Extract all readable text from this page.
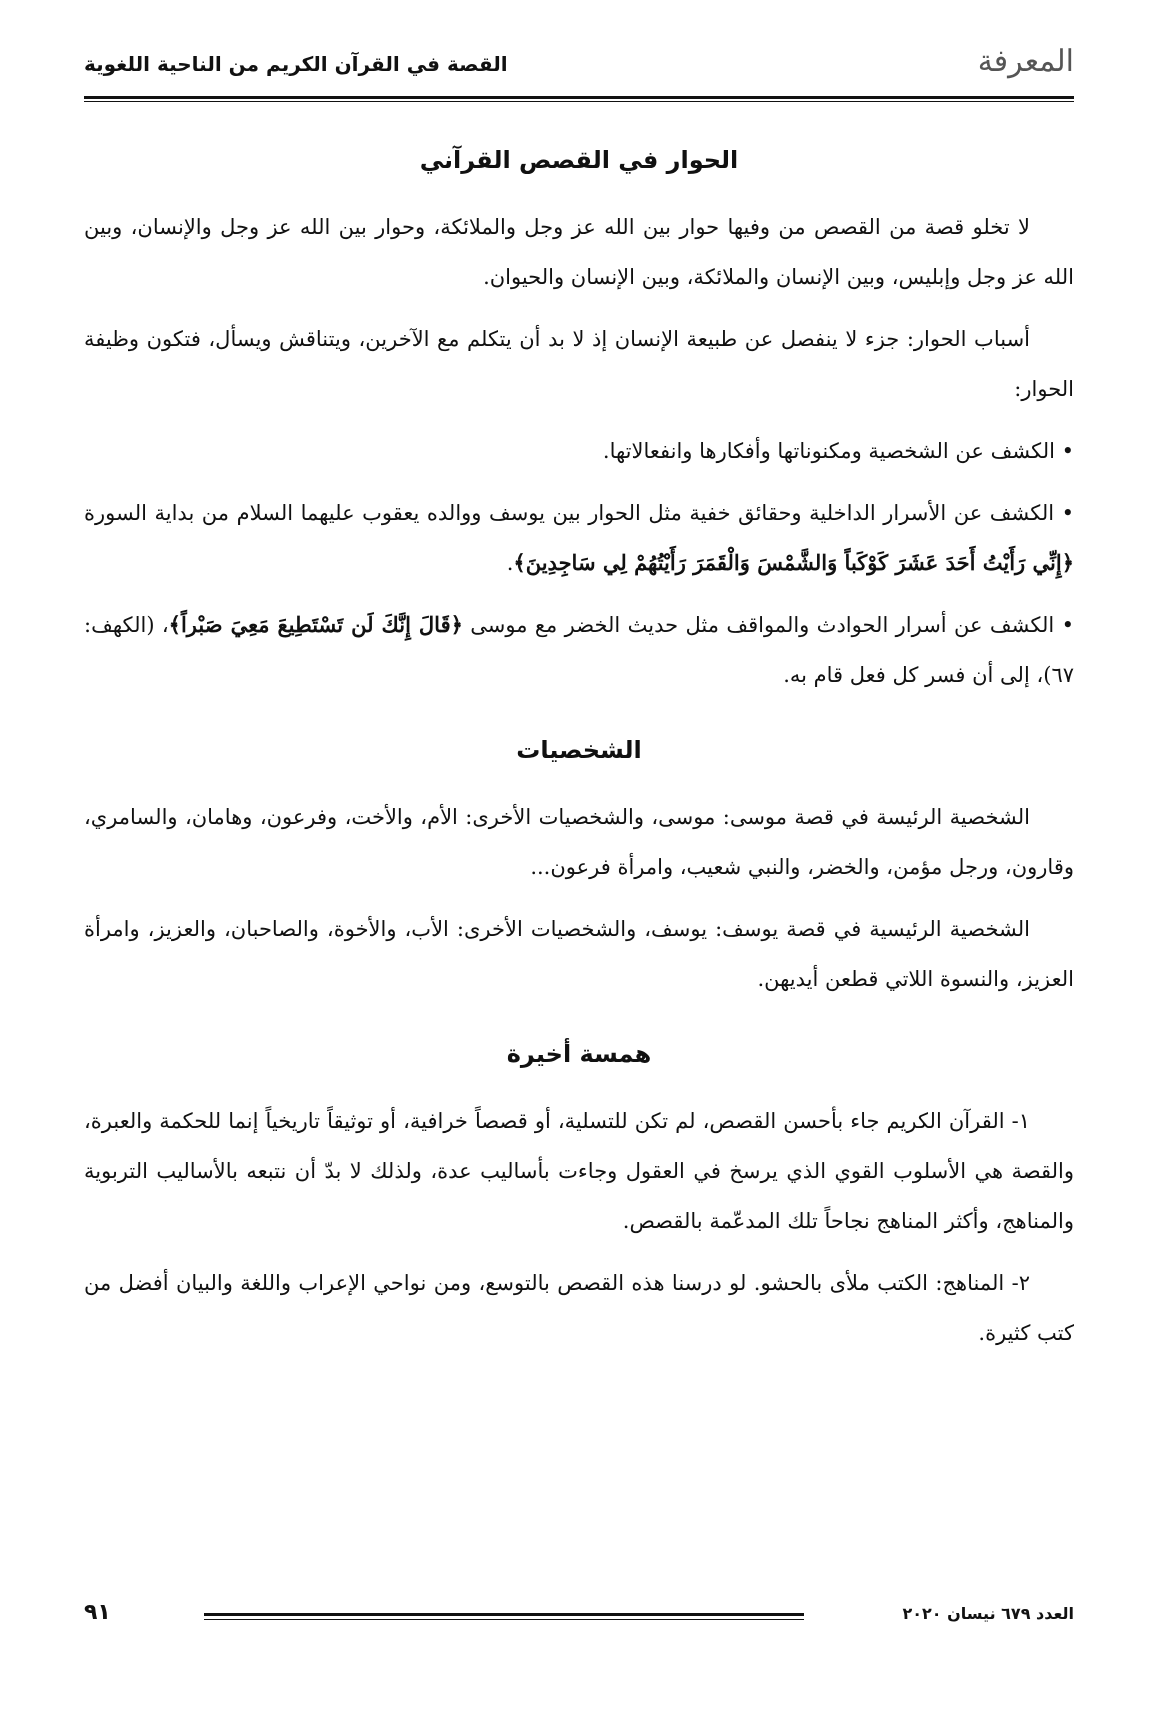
المعرفة
القصة في القرآن الكريم من الناحية اللغوية
الحوار في القصص القرآني

لا تخلو قصة من القصص من وفيها حوار بين الله عز وجل والملائكة، وحوار بين الله عز وجل والإنسان، وبين الله عز وجل وإبليس، وبين الإنسان والملائكة، وبين الإنسان والحيوان.

أسباب الحوار: جزء لا ينفصل عن طبيعة الإنسان إذ لا بد أن يتكلم مع الآخرين، ويتناقش ويسأل، فتكون وظيفة الحوار:

• الكشف عن الشخصية ومكنوناتها وأفكارها وانفعالاتها.

• الكشف عن الأسرار الداخلية وحقائق خفية مثل الحوار بين يوسف ووالده يعقوب عليهما السلام من بداية السورة ﴿إِنِّي رَأَيْتُ أَحَدَ عَشَرَ كَوْكَباً وَالشَّمْسَ وَالْقَمَرَ رَأَيْتُهُمْ لِي سَاجِدِينَ﴾.

• الكشف عن أسرار الحوادث والمواقف مثل حديث الخضر مع موسى ﴿قَالَ إِنَّكَ لَن تَسْتَطِيعَ مَعِيَ صَبْراً﴾، (الكهف: ٦٧)، إلى أن فسر كل فعل قام به.

الشخصيات

الشخصية الرئيسة في قصة موسى: موسى، والشخصيات الأخرى: الأم، والأخت، وفرعون، وهامان، والسامري، وقارون، ورجل مؤمن، والخضر، والنبي شعيب، وامرأة فرعون...

الشخصية الرئيسية في قصة يوسف: يوسف، والشخصيات الأخرى: الأب، والأخوة، والصاحبان، والعزيز، وامرأة العزيز، والنسوة اللاتي قطعن أيديهن.

همسة أخيرة

١- القرآن الكريم جاء بأحسن القصص، لم تكن للتسلية، أو قصصاً خرافية، أو توثيقاً تاريخياً إنما للحكمة والعبرة، والقصة هي الأسلوب القوي الذي يرسخ في العقول وجاءت بأساليب عدة، ولذلك لا بدّ أن نتبعه بالأساليب التربوية والمناهج، وأكثر المناهج نجاحاً تلك المدعّمة بالقصص.

٢- المناهج: الكتب ملأى بالحشو. لو درسنا هذه القصص بالتوسع، ومن نواحي الإعراب واللغة والبيان أفضل من كتب كثيرة.

العدد ٦٧٩ نيسان ٢٠٢٠
٩١
